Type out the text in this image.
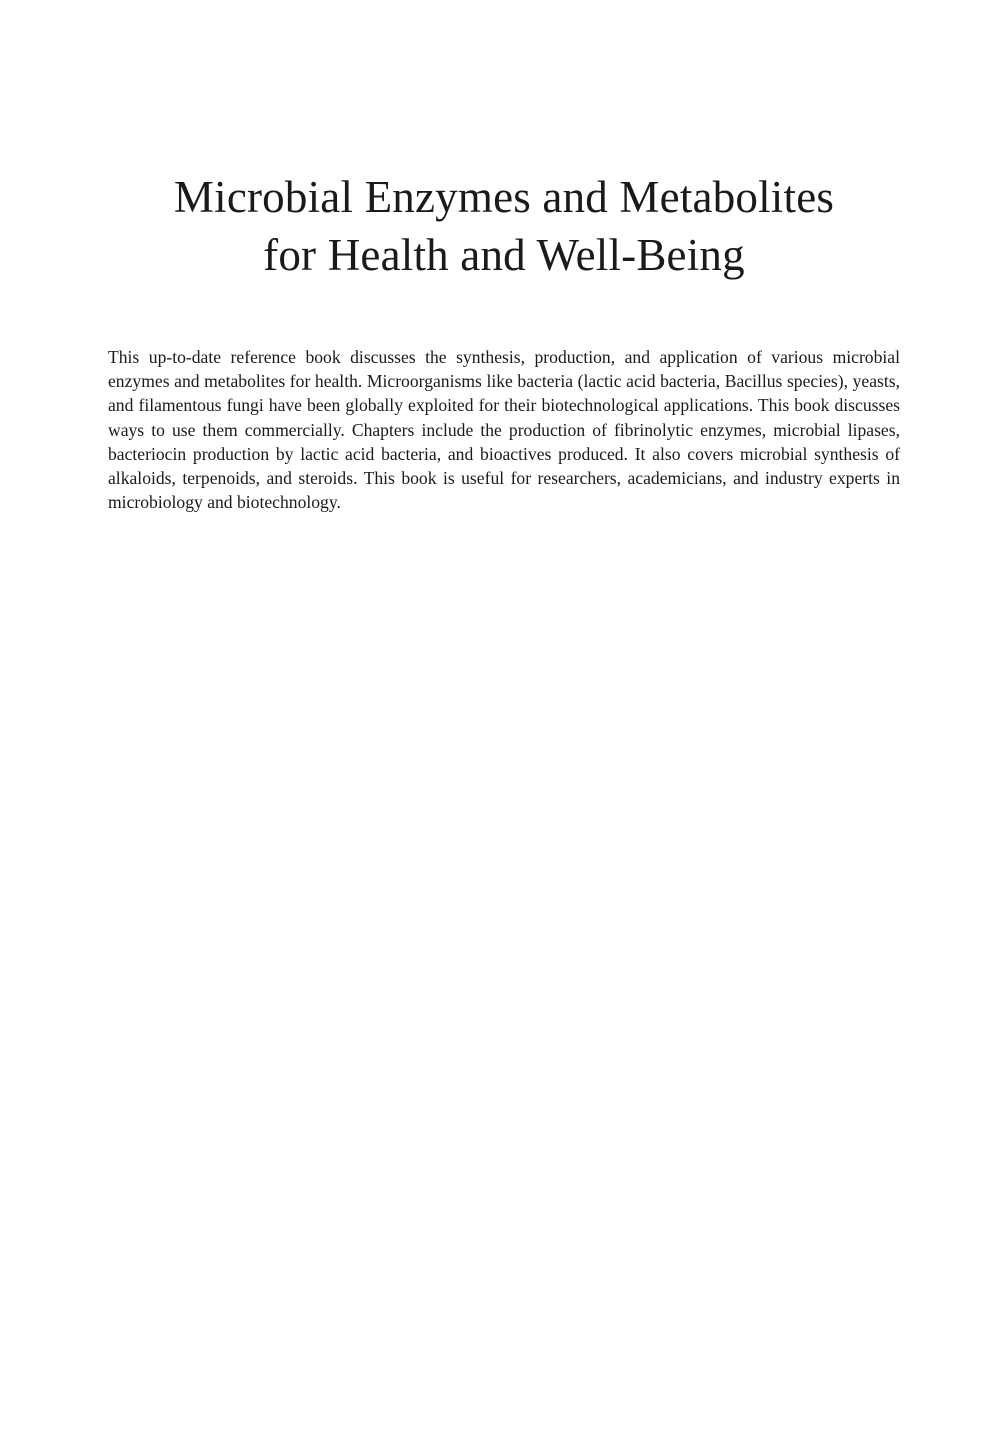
Microbial Enzymes and Metabolites
for Health and Well-Being

This up-to-date reference book discusses the synthesis, production, and application of various microbial enzymes and metabolites for health. Microorganisms like bacteria (lactic acid bacteria, Bacillus species), yeasts, and filamentous fungi have been globally exploited for their biotechnological applications. This book discusses ways to use them commercially. Chapters include the production of fibrinolytic enzymes, microbial lipases, bacteriocin production by lactic acid bacteria, and bioactives produced. It also covers microbial synthesis of alkaloids, terpenoids, and steroids. This book is useful for researchers, academicians, and industry experts in microbiology and biotechnology.
